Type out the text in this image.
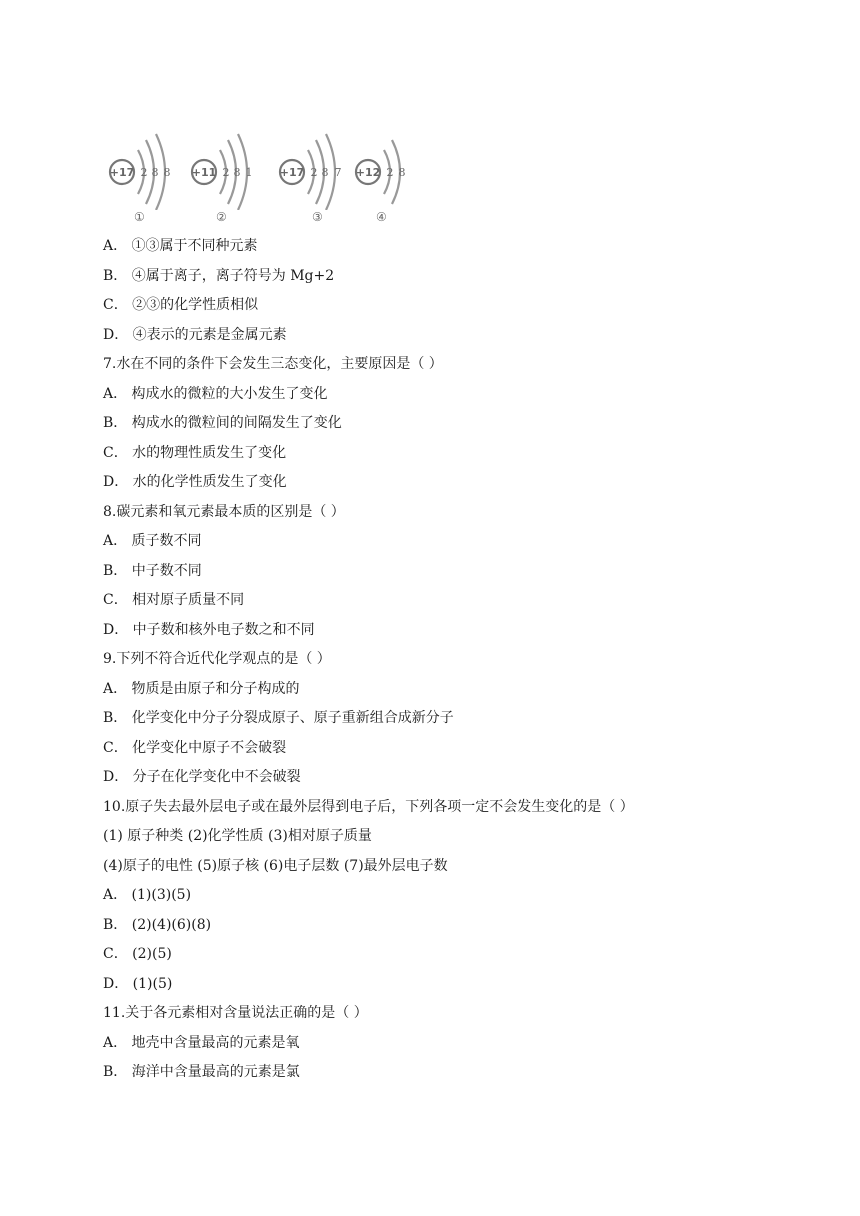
+17 2 8 8
①
+11 2 8 1
②
+17 2 8 7
③
+12 2 8
④
A． ①③属于不同种元素
B． ④属于离子，离子符号为 Mg+2
C． ②③的化学性质相似
D． ④表示的元素是金属元素
7.水在不同的条件下会发生三态变化，主要原因是（ ）
A． 构成水的微粒的大小发生了变化
B． 构成水的微粒间的间隔发生了变化
C． 水的物理性质发生了变化
D． 水的化学性质发生了变化
8.碳元素和氧元素最本质的区别是（ ）
A． 质子数不同
B． 中子数不同
C． 相对原子质量不同
D． 中子数和核外电子数之和不同
9.下列不符合近代化学观点的是（ ）
A． 物质是由原子和分子构成的
B． 化学变化中分子分裂成原子、原子重新组合成新分子
C． 化学变化中原子不会破裂
D． 分子在化学变化中不会破裂
10.原子失去最外层电子或在最外层得到电子后，下列各项一定不会发生变化的是（ ）
(1) 原子种类 (2)化学性质 (3)相对原子质量
(4)原子的电性 (5)原子核 (6)电子层数 (7)最外层电子数
A． (1)(3)(5)
B． (2)(4)(6)(8)
C． (2)(5)
D． (1)(5)
11.关于各元素相对含量说法正确的是（ ）
A． 地壳中含量最高的元素是氧
B． 海洋中含量最高的元素是氯
